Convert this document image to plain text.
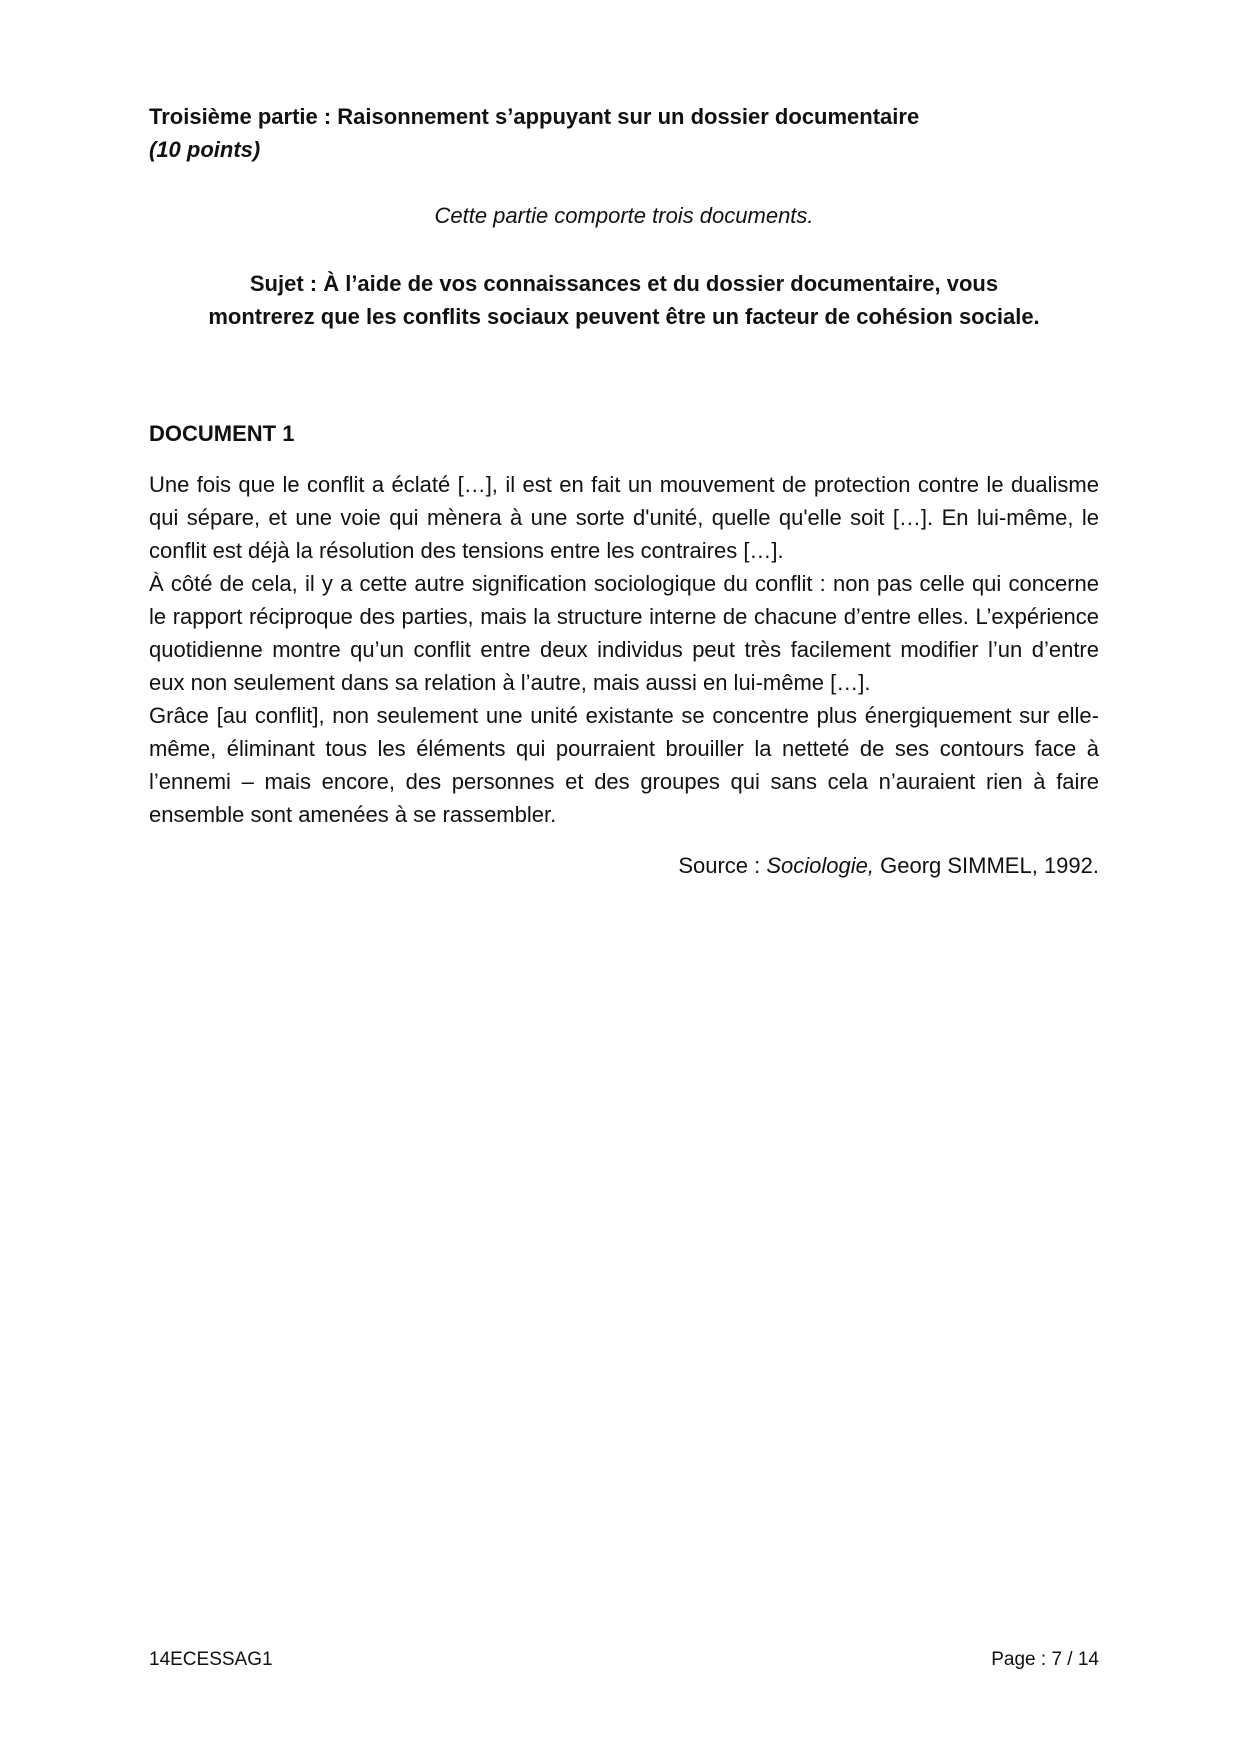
Troisième partie : Raisonnement s’appuyant sur un dossier documentaire

(10 points)

Cette partie comporte trois documents.

Sujet : À l’aide de vos connaissances et du dossier documentaire, vous
montrerez que les conflits sociaux peuvent être un facteur de cohésion sociale.

DOCUMENT 1

Une fois que le conflit a éclaté […], il est en fait un mouvement de protection contre le dualisme qui sépare, et une voie qui mènera à une sorte d'unité, quelle qu'elle soit […]. En lui-même, le conflit est déjà la résolution des tensions entre les contraires […].

À côté de cela, il y a cette autre signification sociologique du conflit : non pas celle qui concerne le rapport réciproque des parties, mais la structure interne de chacune d’entre elles. L’expérience quotidienne montre qu’un conflit entre deux individus peut très facilement modifier l’un d’entre eux non seulement dans sa relation à l’autre, mais aussi en lui-même […].

Grâce [au conflit], non seulement une unité existante se concentre plus énergiquement sur elle-même, éliminant tous les éléments qui pourraient brouiller la netteté de ses contours face à l’ennemi – mais encore, des personnes et des groupes qui sans cela n’auraient rien à faire ensemble sont amenées à se rassembler.

Source : Sociologie, Georg SIMMEL, 1992.

14ECESSAG1	Page : 7 / 14
